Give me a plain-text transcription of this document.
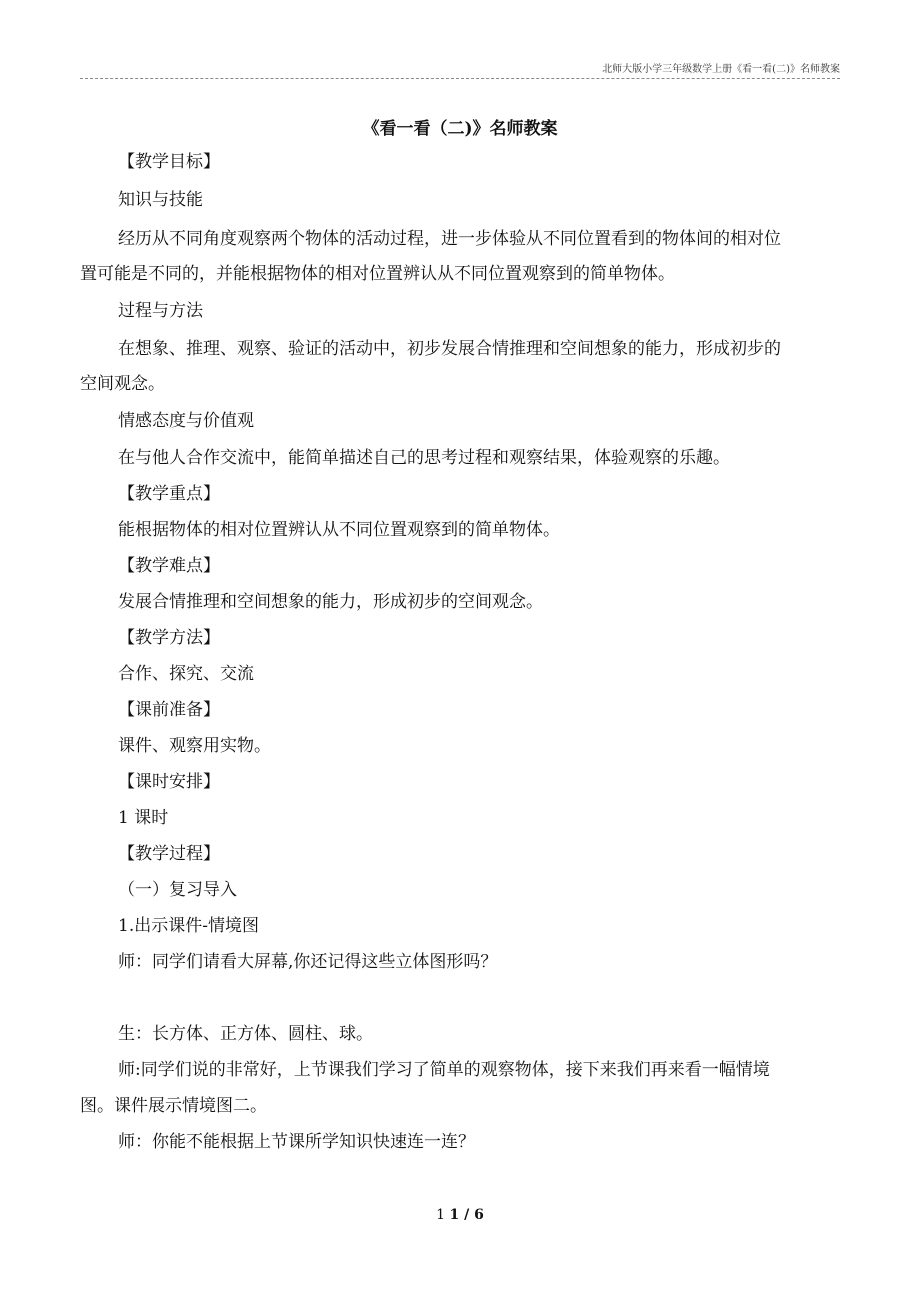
北师大版小学三年级数学上册《看一看(二)》名师教案
《看一看（二)》名师教案
【教学目标】
知识与技能
经历从不同角度观察两个物体的活动过程，进一步体验从不同位置看到的物体间的相对位
置可能是不同的，并能根据物体的相对位置辨认从不同位置观察到的简单物体。
过程与方法
在想象、推理、观察、验证的活动中，初步发展合情推理和空间想象的能力，形成初步的
空间观念。
情感态度与价值观
在与他人合作交流中，能简单描述自己的思考过程和观察结果，体验观察的乐趣。
【教学重点】
能根据物体的相对位置辨认从不同位置观察到的简单物体。
【教学难点】
发展合情推理和空间想象的能力，形成初步的空间观念。
【教学方法】
合作、探究、交流
【课前准备】
课件、观察用实物。
【课时安排】
1 课时
【教学过程】
（一）复习导入
1.出示课件-情境图
师：同学们请看大屏幕,你还记得这些立体图形吗？
生：长方体、正方体、圆柱、球。
师:同学们说的非常好，上节课我们学习了简单的观察物体，接下来我们再来看一幅情境
图。课件展示情境图二。
师：你能不能根据上节课所学知识快速连一连？
1 1 / 6
